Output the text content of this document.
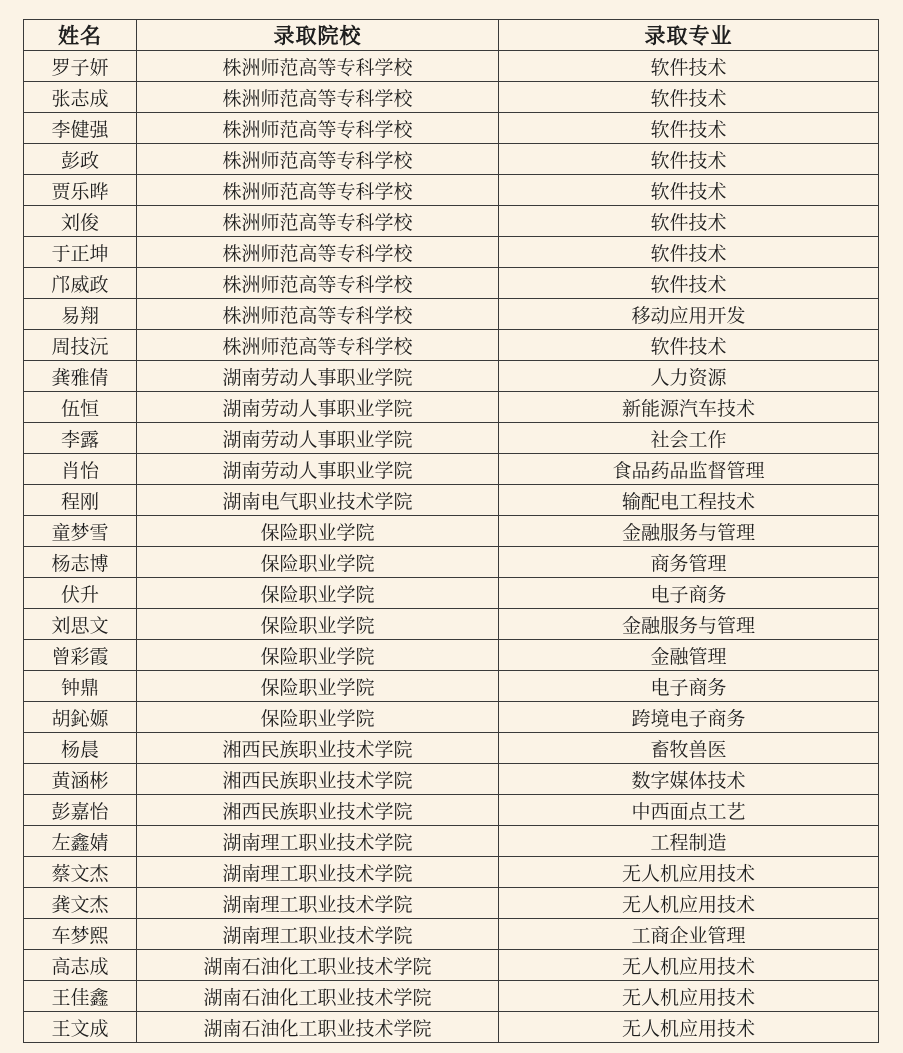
姓名	录取院校	录取专业
罗子妍	株洲师范高等专科学校	软件技术
张志成	株洲师范高等专科学校	软件技术
李健强	株洲师范高等专科学校	软件技术
彭政	株洲师范高等专科学校	软件技术
贾乐晔	株洲师范高等专科学校	软件技术
刘俊	株洲师范高等专科学校	软件技术
于正坤	株洲师范高等专科学校	软件技术
邝威政	株洲师范高等专科学校	软件技术
易翔	株洲师范高等专科学校	移动应用开发
周技沅	株洲师范高等专科学校	软件技术
龚雅倩	湖南劳动人事职业学院	人力资源
伍恒	湖南劳动人事职业学院	新能源汽车技术
李露	湖南劳动人事职业学院	社会工作
肖怡	湖南劳动人事职业学院	食品药品监督管理
程刚	湖南电气职业技术学院	输配电工程技术
童梦雪	保险职业学院	金融服务与管理
杨志博	保险职业学院	商务管理
伏升	保险职业学院	电子商务
刘思文	保险职业学院	金融服务与管理
曾彩霞	保险职业学院	金融管理
钟鼎	保险职业学院	电子商务
胡鈊嫄	保险职业学院	跨境电子商务
杨晨	湘西民族职业技术学院	畜牧兽医
黄涵彬	湘西民族职业技术学院	数字媒体技术
彭嘉怡	湘西民族职业技术学院	中西面点工艺
左鑫婧	湖南理工职业技术学院	工程制造
蔡文杰	湖南理工职业技术学院	无人机应用技术
龚文杰	湖南理工职业技术学院	无人机应用技术
车梦熙	湖南理工职业技术学院	工商企业管理
高志成	湖南石油化工职业技术学院	无人机应用技术
王佳鑫	湖南石油化工职业技术学院	无人机应用技术
王文成	湖南石油化工职业技术学院	无人机应用技术
